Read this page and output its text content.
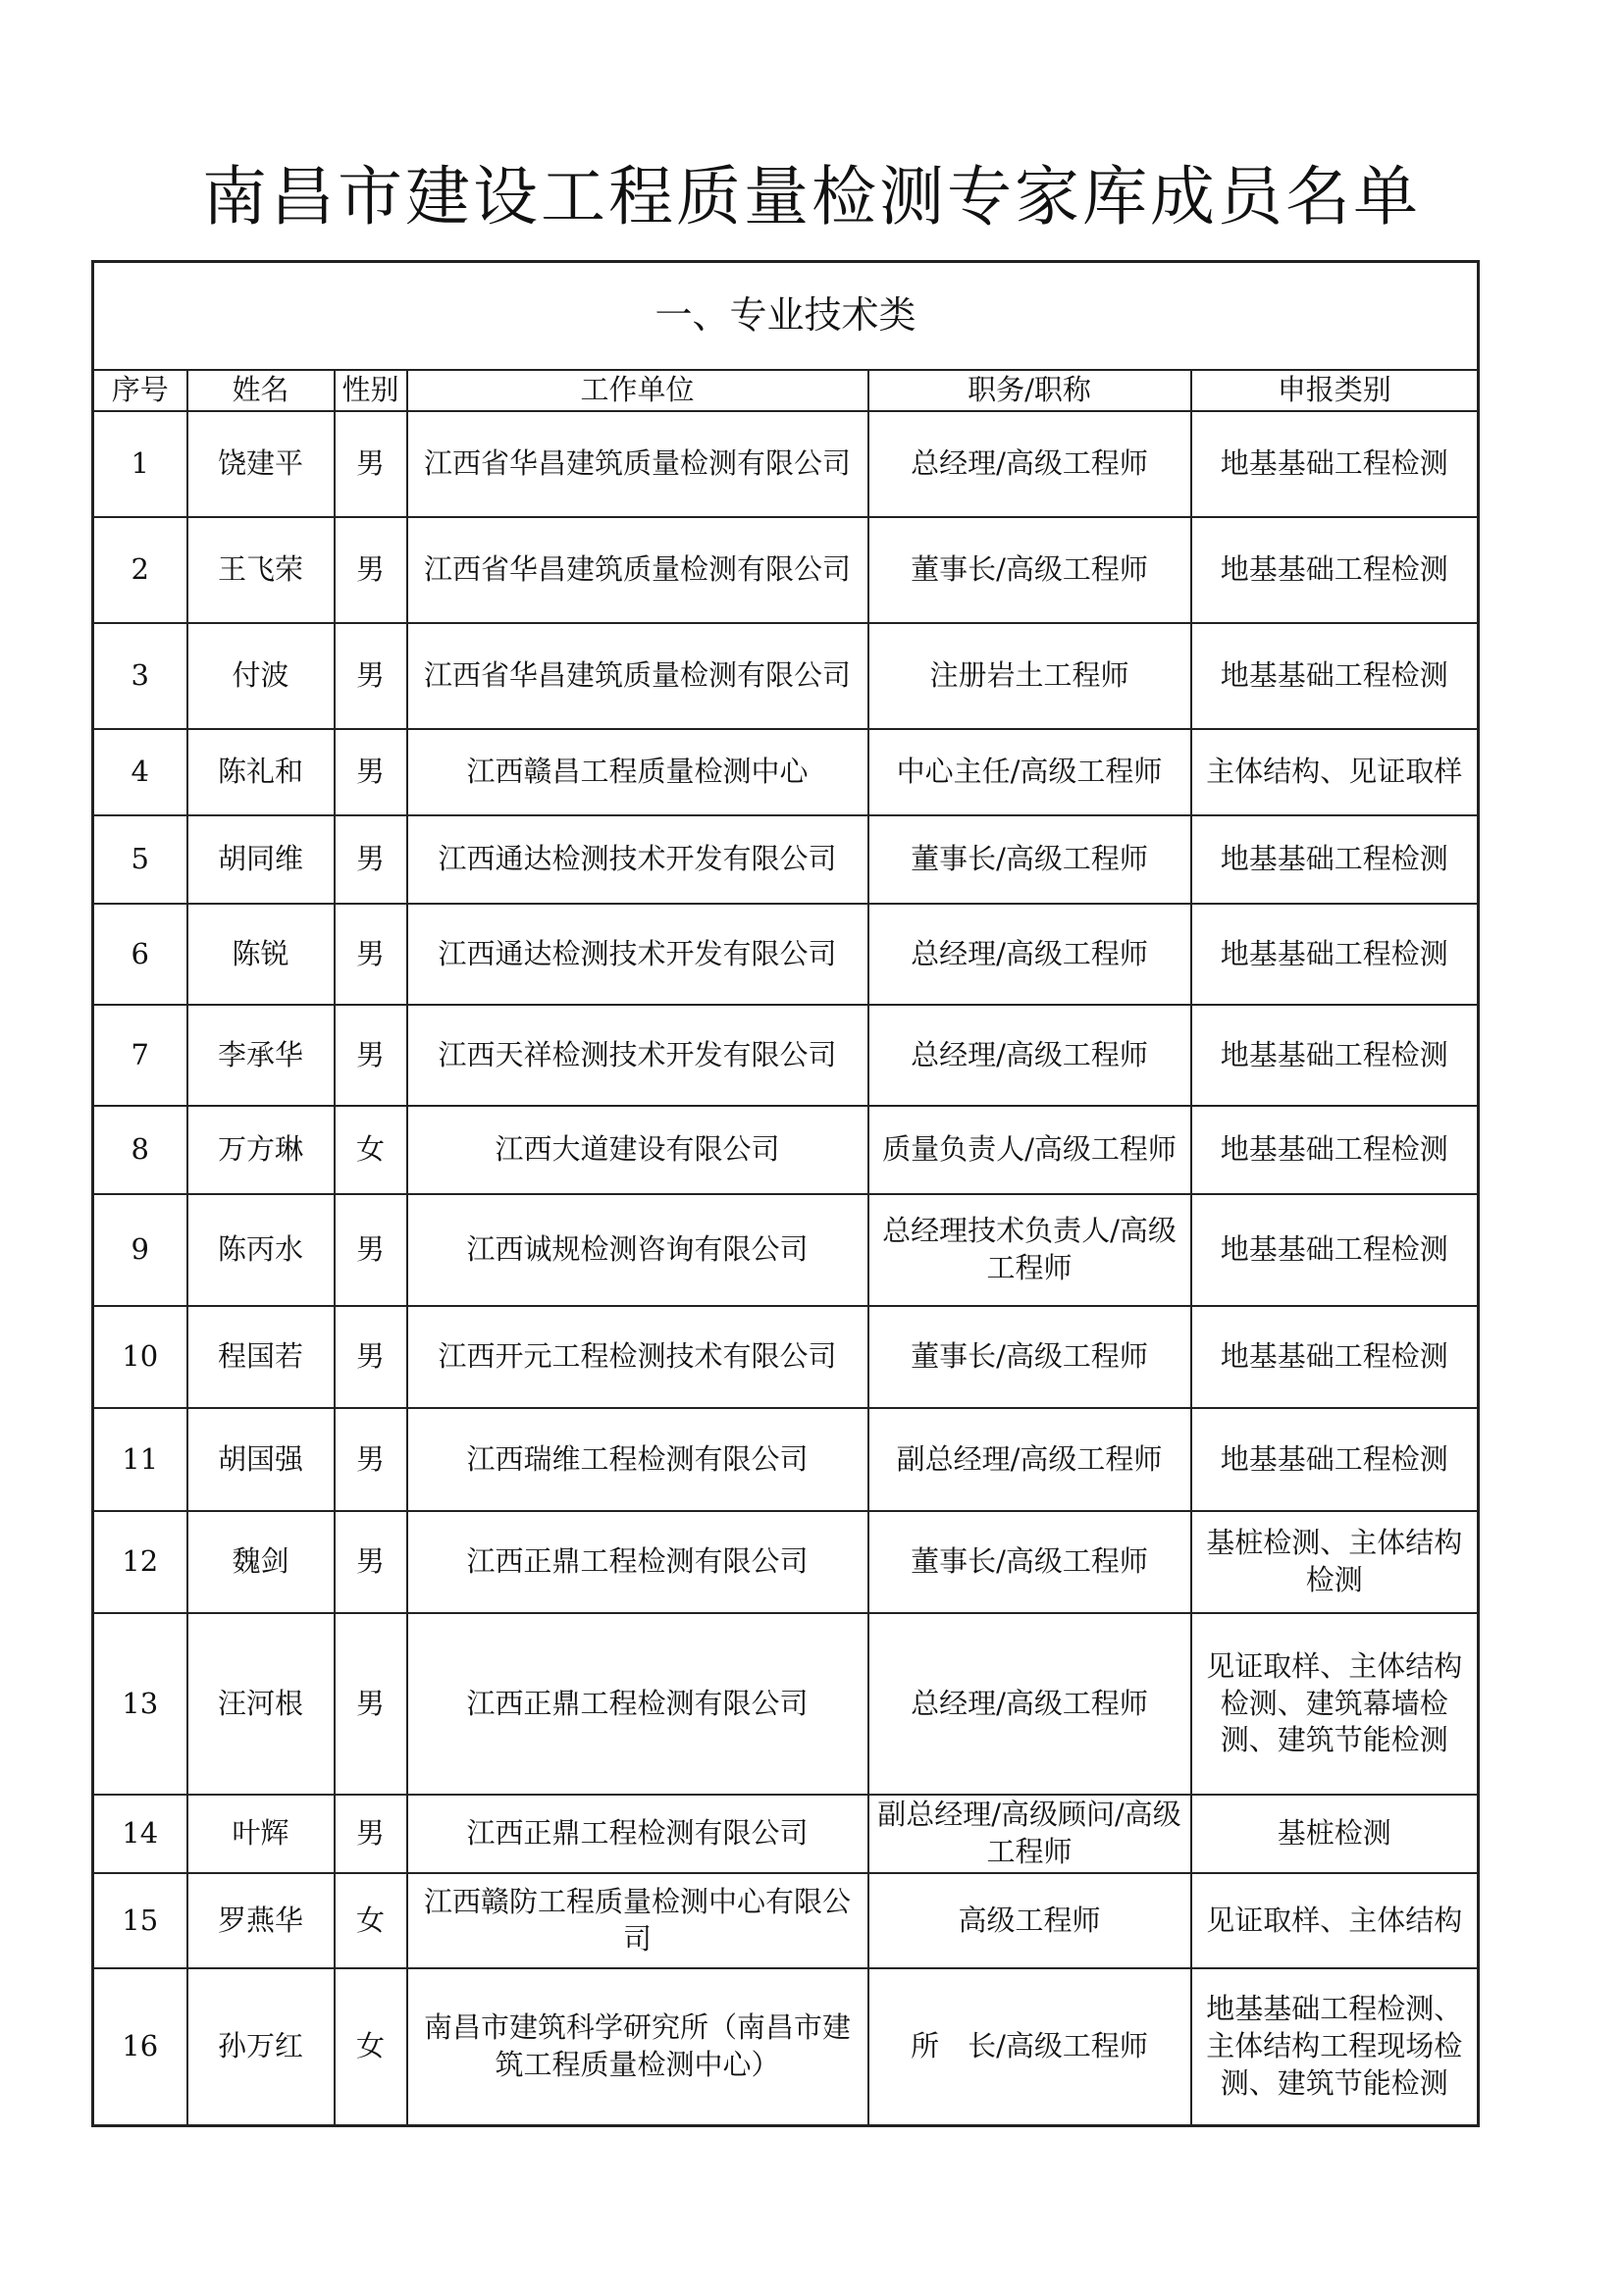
南昌市建设工程质量检测专家库成员名单
一、专业技术类					
序号	姓名	性别	工作单位	职务/职称	申报类别
1	饶建平	男	江西省华昌建筑质量检测有限公司	总经理/高级工程师	地基基础工程检测
2	王飞荣	男	江西省华昌建筑质量检测有限公司	董事长/高级工程师	地基基础工程检测
3	付波	男	江西省华昌建筑质量检测有限公司	注册岩土工程师	地基基础工程检测
4	陈礼和	男	江西赣昌工程质量检测中心	中心主任/高级工程师	主体结构、见证取样
5	胡同维	男	江西通达检测技术开发有限公司	董事长/高级工程师	地基基础工程检测
6	陈锐	男	江西通达检测技术开发有限公司	总经理/高级工程师	地基基础工程检测
7	李承华	男	江西天祥检测技术开发有限公司	总经理/高级工程师	地基基础工程检测
8	万方琳	女	江西大道建设有限公司	质量负责人/高级工程师	地基基础工程检测
9	陈丙水	男	江西诚规检测咨询有限公司	总经理技术负责人/高级工程师	地基基础工程检测
10	程国若	男	江西开元工程检测技术有限公司	董事长/高级工程师	地基基础工程检测
11	胡国强	男	江西瑞维工程检测有限公司	副总经理/高级工程师	地基基础工程检测
12	魏剑	男	江西正鼎工程检测有限公司	董事长/高级工程师	基桩检测、主体结构检测
13	汪河根	男	江西正鼎工程检测有限公司	总经理/高级工程师	见证取样、主体结构检测、建筑幕墙检测、建筑节能检测
14	叶辉	男	江西正鼎工程检测有限公司	副总经理/高级顾问/高级工程师	基桩检测
15	罗燕华	女	江西赣防工程质量检测中心有限公司	高级工程师	见证取样、主体结构
16	孙万红	女	南昌市建筑科学研究所（南昌市建筑工程质量检测中心）	所　长/高级工程师	地基基础工程检测、主体结构工程现场检测、建筑节能检测
